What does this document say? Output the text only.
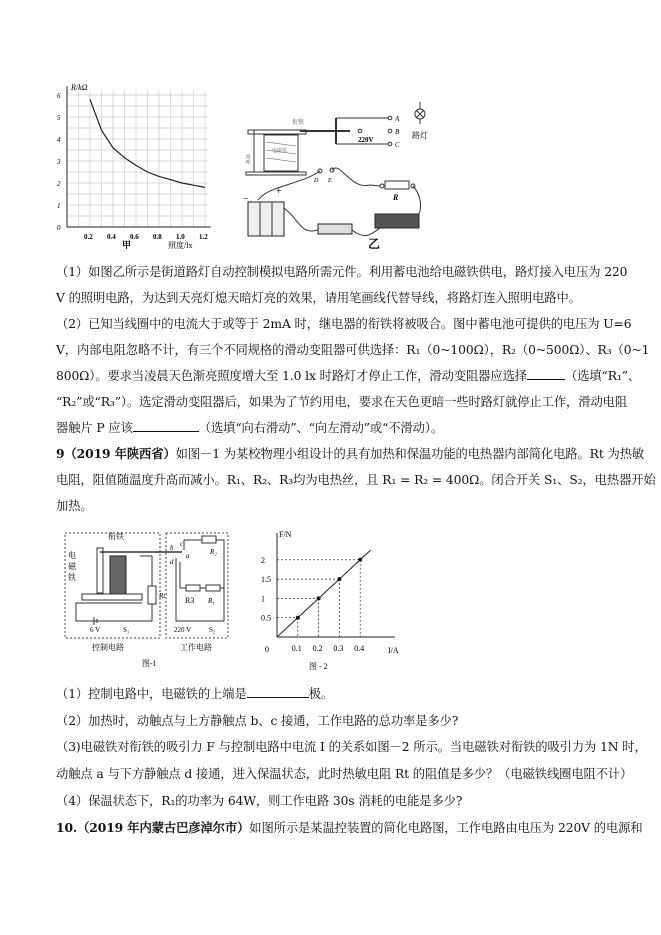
0.2 0.4 0.6 0.8 1.0 1.2
0
1
2
3
4
5
6
R/kΩ
照度/lx
甲
电磁铁
弹簧
衔铁	A
B
C
220V	路灯
D E
R
−
+
乙
（1）如图乙所示是街道路灯自动控制模拟电路所需元件。利用蓄电池给电磁铁供电，路灯接入电压为 220
V 的照明电路，为达到天亮灯熄天暗灯亮的效果，请用笔画线代替导线，将路灯连入照明电路中。
（2）已知当线圈中的电流大于或等于 2mA 时，继电器的衔铁将被吸合。图中蓄电池可提供的电压为 U=6
V，内部电阻忽略不计，有三个不同规格的滑动变阻器可供选择：R₁（0~100Ω），R₂（0~500Ω）、R₃（0~1
800Ω）。要求当凌晨天色渐亮照度增大至 1.0 lx 时路灯才停止工作，滑动变阻器应选择	（选填“R₁”、
“R₂”或“R₃”）。选定滑动变阻器后，如果为了节约用电，要求在天色更暗一些时路灯就停止工作，滑动电阻
器触片 P 应该	（选填“向右滑动”、“向左滑动”或“不滑动）。
9（2019 年陕西省）如图－1 为某校物理小组设计的具有加热和保温功能的电热器内部简化电路。Rt 为热敏
电阻，阻值随温度升高而减小。R₁、R₂、R₃均为电热丝，且 R₁ = R₂ = 400Ω。闭合开关 S₁、S₂，电热器开始
加热。
衔铁
电
磁
铁
Rt
6 V	S₁
控制电路
R₂
R3 R₁
b c
a
d
220 V	S₂
工作电路
图-1
0.1 0.2 0.3 0.4
0.5
1
1.5
2
F/N
I/A
0
图 - 2
（1）控制电路中，电磁铁的上端是	极。
（2）加热时，动触点与上方静触点 b、c 接通，工作电路的总功率是多少?
（3)电磁铁对衔铁的吸引力 F 与控制电路中电流 I 的关系如图－2 所示。当电磁铁对衔铁的吸引力为 1N 时，
动触点 a 与下方静触点 d 接通，进入保温状态，此时热敏电阻 Rt 的阻值是多少？（电磁铁线圈电阻不计）
（4）保温状态下，R₁的功率为 64W，则工作电路 30s 消耗的电能是多少?
10.（2019 年内蒙古巴彦淖尔市）如图所示是某温控装置的简化电路图，工作电路由电压为 220V 的电源和
